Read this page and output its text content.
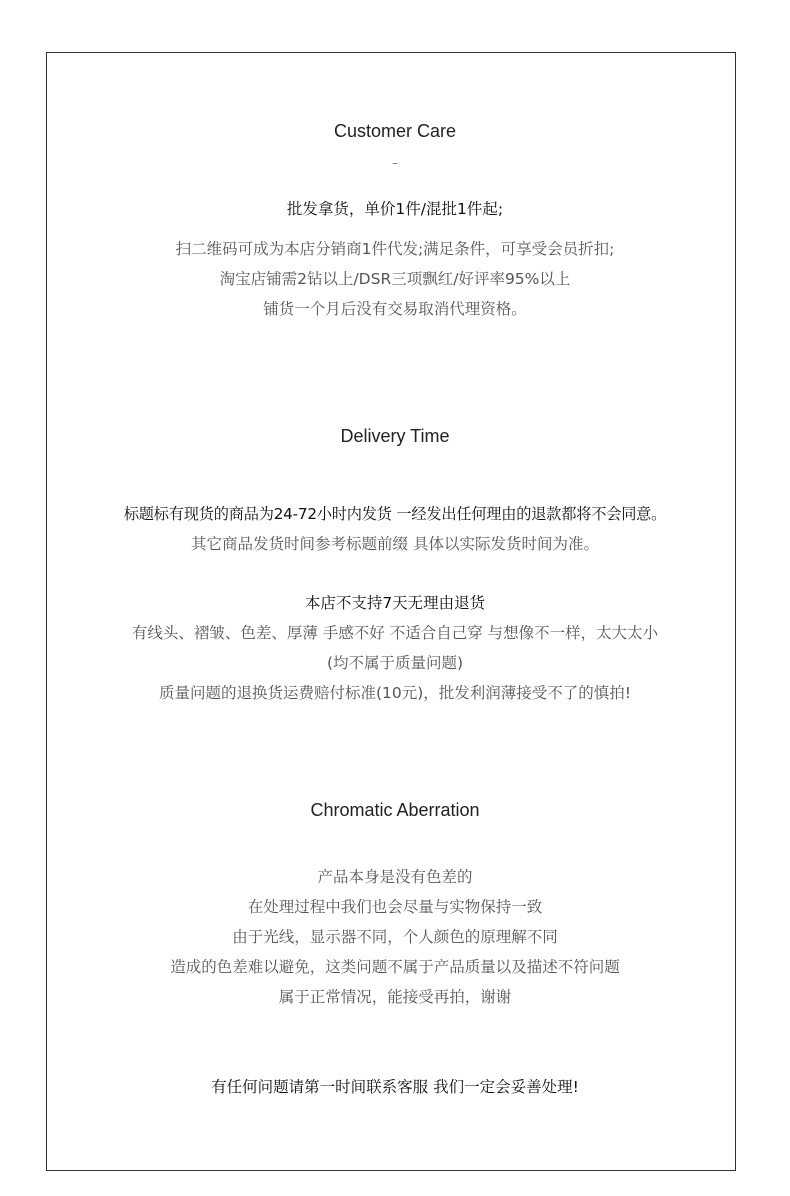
Customer Care
–
批发拿货，单价1件/混批1件起;
扫二维码可成为本店分销商1件代发;满足条件，可享受会员折扣;
淘宝店铺需2钻以上/DSR三项飘红/好评率95%以上
铺货一个月后没有交易取消代理资格。
Delivery Time
标题标有现货的商品为24-72小时内发货 一经发出任何理由的退款都将不会同意。
其它商品发货时间参考标题前缀 具体以实际发货时间为准。
本店不支持7天无理由退货
有线头、褶皱、色差、厚薄 手感不好 不适合自己穿 与想像不一样，太大太小
(均不属于质量问题)
质量问题的退换货运费赔付标准(10元)，批发利润薄接受不了的慎拍!
Chromatic Aberration
产品本身是没有色差的
在处理过程中我们也会尽量与实物保持一致
由于光线，显示器不同，个人颜色的原理解不同
造成的色差难以避免，这类问题不属于产品质量以及描述不符问题
属于正常情况，能接受再拍，谢谢
有任何问题请第一时间联系客服 我们一定会妥善处理!
